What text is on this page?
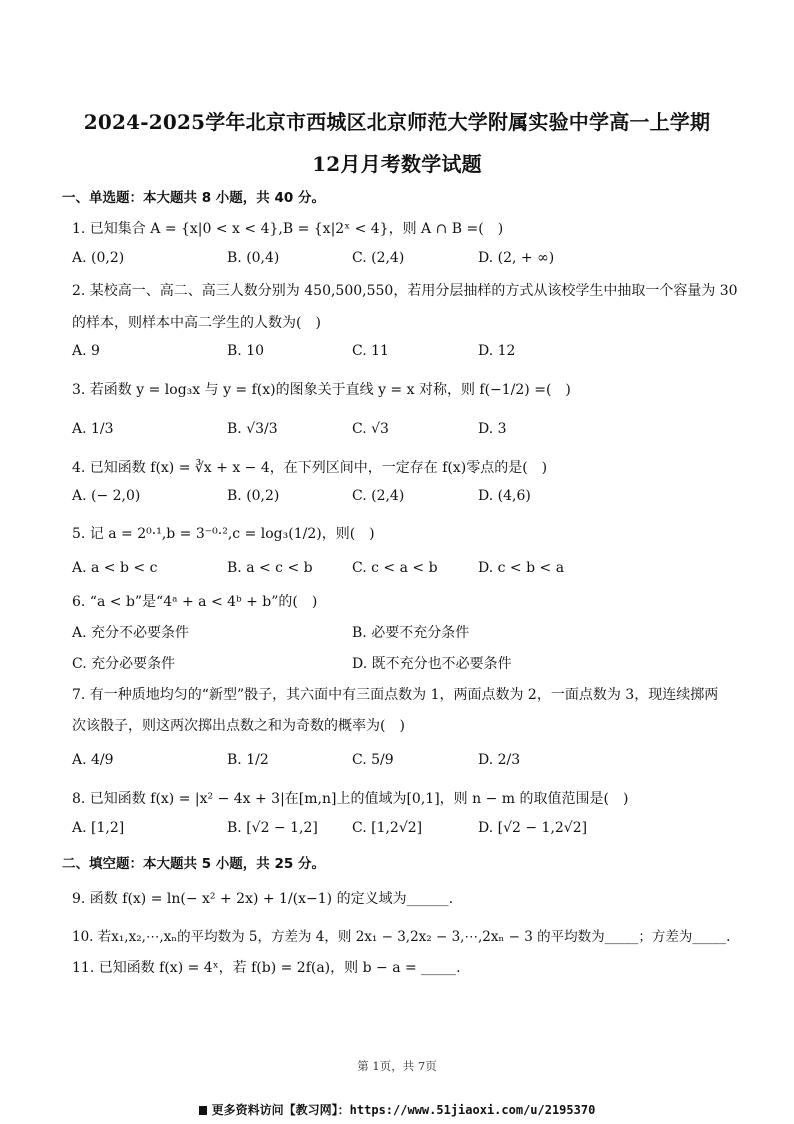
2024-2025学年北京市西城区北京师范大学附属实验中学高一上学期
12月月考数学试题
一、单选题：本大题共 8 小题，共 40 分。
1. 已知集合 A = {x|0 < x < 4},B = {x|2ˣ < 4}，则 A ∩ B =(　)
A. (0,2)	B. (0,4)	C. (2,4)	D. (2, + ∞)
2. 某校高一、高二、高三人数分别为 450,500,550，若用分层抽样的方式从该校学生中抽取一个容量为 30
的样本，则样本中高二学生的人数为(　)
A. 9	B. 10	C. 11	D. 12
3. 若函数 y = log₃x 与 y = f(x)的图象关于直线 y = x 对称，则 f(−1/2) =(　)
A. 1/3	B. √3/3	C. √3	D. 3
4. 已知函数 f(x) = ∛x + x − 4，在下列区间中，一定存在 f(x)零点的是(　)
A. (− 2,0)	B. (0,2)	C. (2,4)	D. (4,6)
5. 记 a = 2⁰·¹,b = 3⁻⁰·²,c = log₃(1/2)，则(　)
A. a < b < c	B. a < c < b	C. c < a < b	D. c < b < a
6. “a < b”是“4ᵃ + a < 4ᵇ + b”的(　)
A. 充分不必要条件	B. 必要不充分条件
C. 充分必要条件	D. 既不充分也不必要条件
7. 有一种质地均匀的“新型”骰子，其六面中有三面点数为 1，两面点数为 2，一面点数为 3，现连续掷两
次该骰子，则这两次掷出点数之和为奇数的概率为(　)
A. 4/9	B. 1/2	C. 5/9	D. 2/3
8. 已知函数 f(x) = |x² − 4x + 3|在[m,n]上的值域为[0,1]，则 n − m 的取值范围是(　)
A. [1,2]	B. [√2 − 1,2] C. [1,2√2]	D. [√2 − 1,2√2]
二、填空题：本大题共 5 小题，共 25 分。
9. 函数 f(x) = ln(− x² + 2x) + 1/(x−1) 的定义域为______.
10. 若x₁,x₂,⋯,xₙ的平均数为 5，方差为 4，则 2x₁ − 3,2x₂ − 3,⋯,2xₙ − 3 的平均数为_____；方差为_____.
11. 已知函数 f(x) = 4ˣ，若 f(b) = 2f(a)，则 b − a = _____.
第 1页，共 7页
更多资料访问【教习网】：https://www.51jiaoxi.com/u/2195370
